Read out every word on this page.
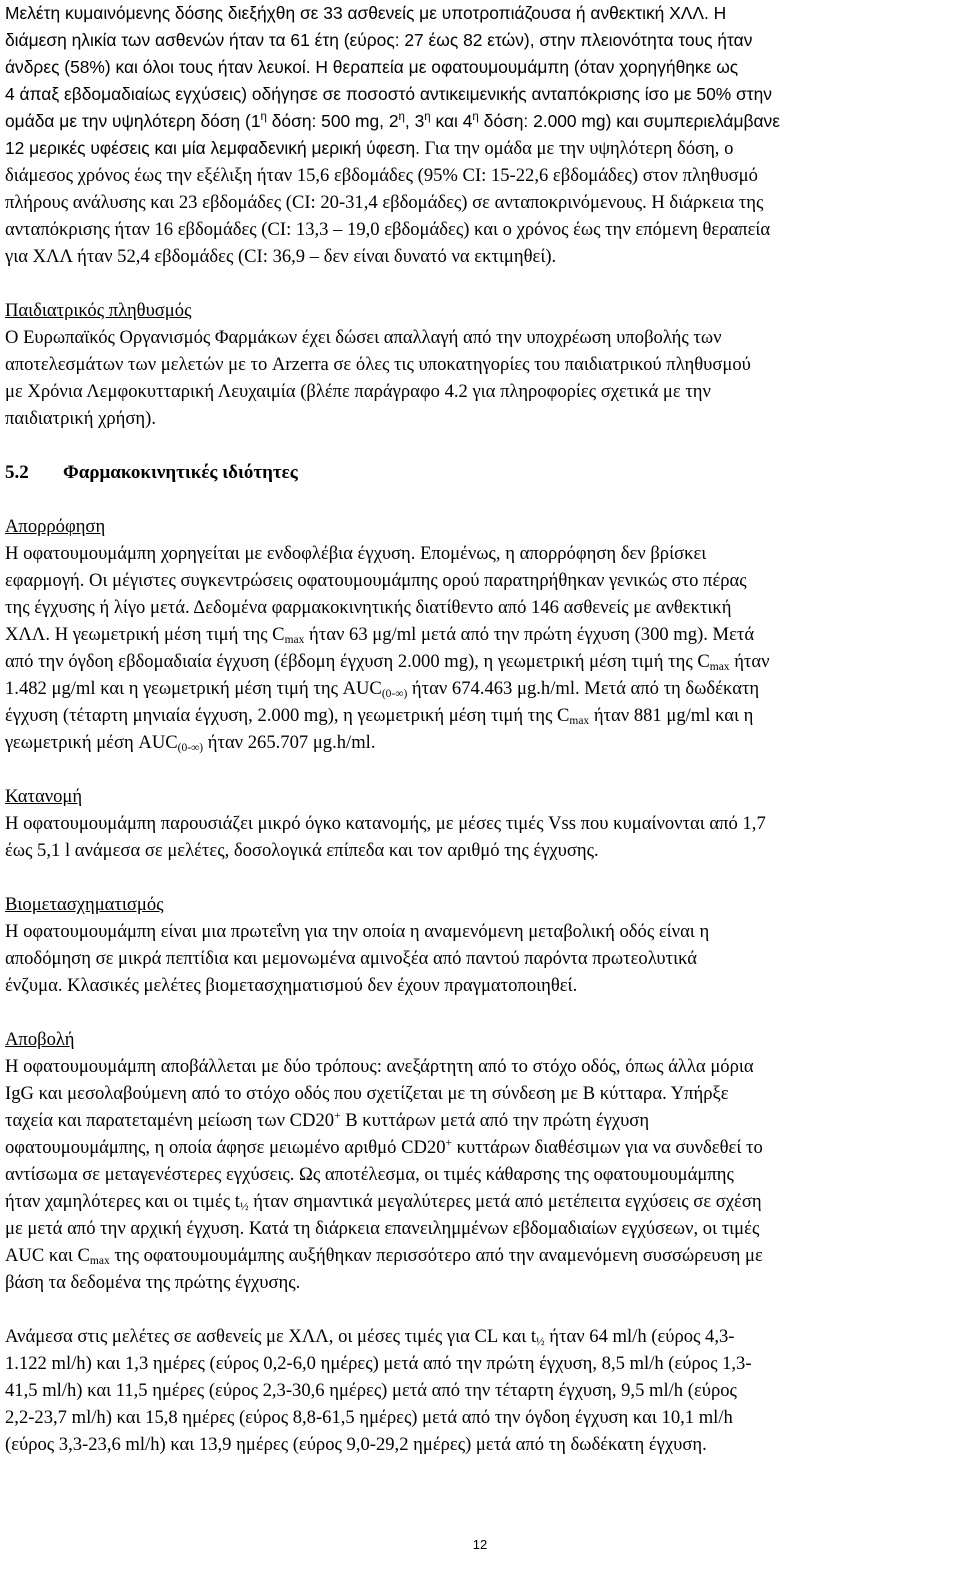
Μελέτη κυμαινόμενης δόσης διεξήχθη σε 33 ασθενείς με υποτροπιάζουσα ή ανθεκτική ΧΛΛ. Η

διάμεση ηλικία των ασθενών ήταν τα 61 έτη (εύρος: 27 έως 82 ετών), στην πλειονότητα τους ήταν

άνδρες (58%) και όλοι τους ήταν λευκοί. Η θεραπεία με οφατουμουμάμπη (όταν χορηγήθηκε ως

4 άπαξ εβδομαδιαίως εγχύσεις) οδήγησε σε ποσοστό αντικειμενικής ανταπόκρισης ίσο με 50% στην

ομάδα με την υψηλότερη δόση ($1^\eta$ δόση: 500 mg, $2^\eta$, $3^\eta$ και $4^\eta$ δόση: 2.000 mg) και συμπεριελάμβανε

12 μερικές υφέσεις και μία λεμφαδενική μερική ύφεση. Για την ομάδα με την υψηλότερη δόση, ο

διάμεσος χρόνος έως την εξέλιξη ήταν 15,6 εβδομάδες (95% CI: 15-22,6 εβδομάδες) στον πληθυσμό

πλήρους ανάλυσης και 23 εβδομάδες (CI: 20-31,4 εβδομάδες) σε ανταποκρινόμενους. Η διάρκεια της

ανταπόκρισης ήταν 16 εβδομάδες (CI: 13,3 – 19,0 εβδομάδες) και ο χρόνος έως την επόμενη θεραπεία

για ΧΛΛ ήταν 52,4 εβδομάδες (CI: 36,9 – δεν είναι δυνατό να εκτιμηθεί).

Παιδιατρικός πληθυσμός

Ο Ευρωπαϊκός Οργανισμός Φαρμάκων έχει δώσει απαλλαγή από την υποχρέωση υποβολής των

αποτελεσμάτων των μελετών με το Arzerra σε όλες τις υποκατηγορίες του παιδιατρικού πληθυσμού

με Χρόνια Λεμφοκυτταρική Λευχαιμία (βλέπε παράγραφο 4.2 για πληροφορίες σχετικά με την

παιδιατρική χρήση).

5.2 Φαρμακοκινητικές ιδιότητες

Απορρόφηση

Η οφατουμουμάμπη χορηγείται με ενδοφλέβια έγχυση. Επομένως, η απορρόφηση δεν βρίσκει

εφαρμογή. Οι μέγιστες συγκεντρώσεις οφατουμουμάμπης ορού παρατηρήθηκαν γενικώς στο πέρας

της έγχυσης ή λίγο μετά. Δεδομένα φαρμακοκινητικής διατίθεντο από 146 ασθενείς με ανθεκτική

ΧΛΛ. Η γεωμετρική μέση τιμή της $C_{max}$ ήταν 63 μg/ml μετά από την πρώτη έγχυση (300 mg). Μετά

από την όγδοη εβδομαδιαία έγχυση (έβδομη έγχυση 2.000 mg), η γεωμετρική μέση τιμή της $C_{max}$ ήταν

1.482 μg/ml και η γεωμετρική μέση τιμή της $AUC_{(0-\infty)}$ ήταν 674.463 μg.h/ml. Μετά από τη δωδέκατη

έγχυση (τέταρτη μηνιαία έγχυση, 2.000 mg), η γεωμετρική μέση τιμή της $C_{max}$ ήταν 881 μg/ml και η

γεωμετρική μέση $AUC_{(0-\infty)}$ ήταν 265.707 μg.h/ml.

Κατανομή

Η οφατουμουμάμπη παρουσιάζει μικρό όγκο κατανομής, με μέσες τιμές Vss που κυμαίνονται από 1,7

έως 5,1 l ανάμεσα σε μελέτες, δοσολογικά επίπεδα και τον αριθμό της έγχυσης.

Βιομετασχηματισμός

Η οφατουμουμάμπη είναι μια πρωτεΐνη για την οποία η αναμενόμενη μεταβολική οδός είναι η

αποδόμηση σε μικρά πεπτίδια και μεμονωμένα αμινοξέα από παντού παρόντα πρωτεολυτικά

ένζυμα. Κλασικές μελέτες βιομετασχηματισμού δεν έχουν πραγματοποιηθεί.

Αποβολή

Η οφατουμουμάμπη αποβάλλεται με δύο τρόπους: ανεξάρτητη από το στόχο οδός, όπως άλλα μόρια

IgG και μεσολαβούμενη από το στόχο οδός που σχετίζεται με τη σύνδεση με Β κύτταρα. Υπήρξε

ταχεία και παρατεταμένη μείωση των CD20+ Β κυττάρων μετά από την πρώτη έγχυση

οφατουμουμάμπης, η οποία άφησε μειωμένο αριθμό CD20+ κυττάρων διαθέσιμων για να συνδεθεί το

αντίσωμα σε μεταγενέστερες εγχύσεις. Ως αποτέλεσμα, οι τιμές κάθαρσης της οφατουμουμάμπης

ήταν χαμηλότερες και οι τιμές $t_{\frac{1}{2}}$ ήταν σημαντικά μεγαλύτερες μετά από μετέπειτα εγχύσεις σε σχέση

με μετά από την αρχική έγχυση. Κατά τη διάρκεια επανειλημμένων εβδομαδιαίων εγχύσεων, οι τιμές

AUC και $C_{max}$ της οφατουμουμάμπης αυξήθηκαν περισσότερο από την αναμενόμενη συσσώρευση με

βάση τα δεδομένα της πρώτης έγχυσης.

Ανάμεσα στις μελέτες σε ασθενείς με ΧΛΛ, οι μέσες τιμές για CL και $t_{\frac{1}{2}}$ ήταν 64 ml/h (εύρος 4,3-

1.122 ml/h) και 1,3 ημέρες (εύρος 0,2-6,0 ημέρες) μετά από την πρώτη έγχυση, 8,5 ml/h (εύρος 1,3-

41,5 ml/h) και 11,5 ημέρες (εύρος 2,3-30,6 ημέρες) μετά από την τέταρτη έγχυση, 9,5 ml/h (εύρος

2,2-23,7 ml/h) και 15,8 ημέρες (εύρος 8,8-61,5 ημέρες) μετά από την όγδοη έγχυση και 10,1 ml/h

(εύρος 3,3-23,6 ml/h) και 13,9 ημέρες (εύρος 9,0-29,2 ημέρες) μετά από τη δωδέκατη έγχυση.

12
